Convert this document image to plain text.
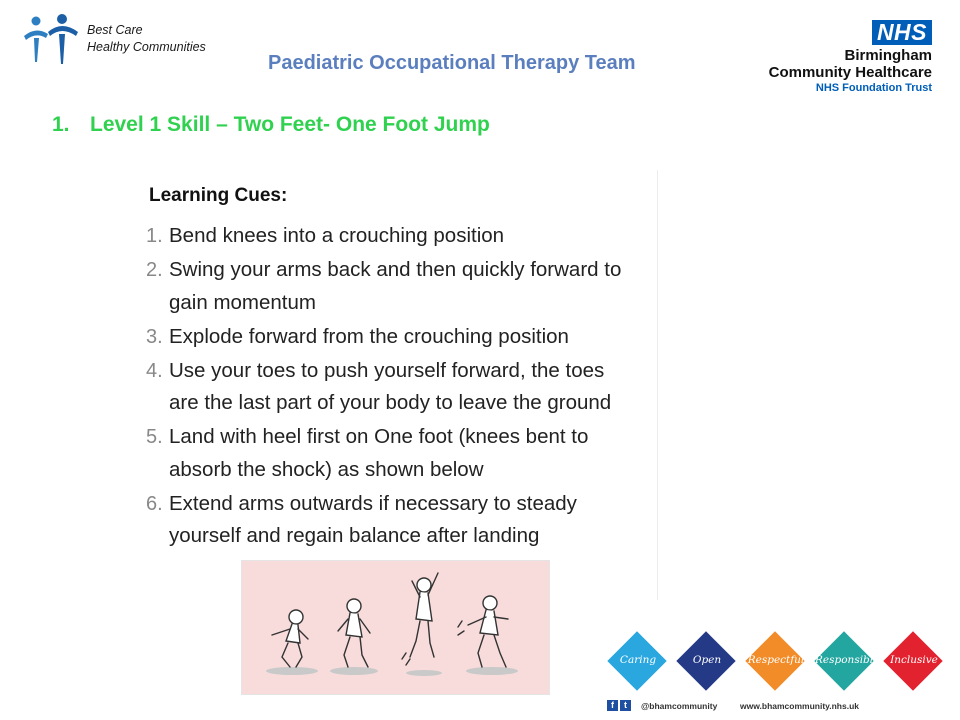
Best Care
Healthy Communities
Paediatric Occupational Therapy Team
NHS
Birmingham
Community Healthcare
NHS Foundation Trust
1. Level 1 Skill – Two Feet- One Foot Jump
Learning Cues:
1. Bend knees into a crouching position
2. Swing your arms back and then quickly forward to gain momentum
3. Explode forward from the crouching position
4. Use your toes to push yourself forward, the toes are the last part of your body to leave the ground
5. Land with heel first on One foot (knees bent to absorb the shock) as shown below
6. Extend arms outwards if necessary to steady yourself and regain balance after landing
Caring	Open	Respectful Responsible	Inclusive
f t @bhamcommunity	www.bhamcommunity.nhs.uk
